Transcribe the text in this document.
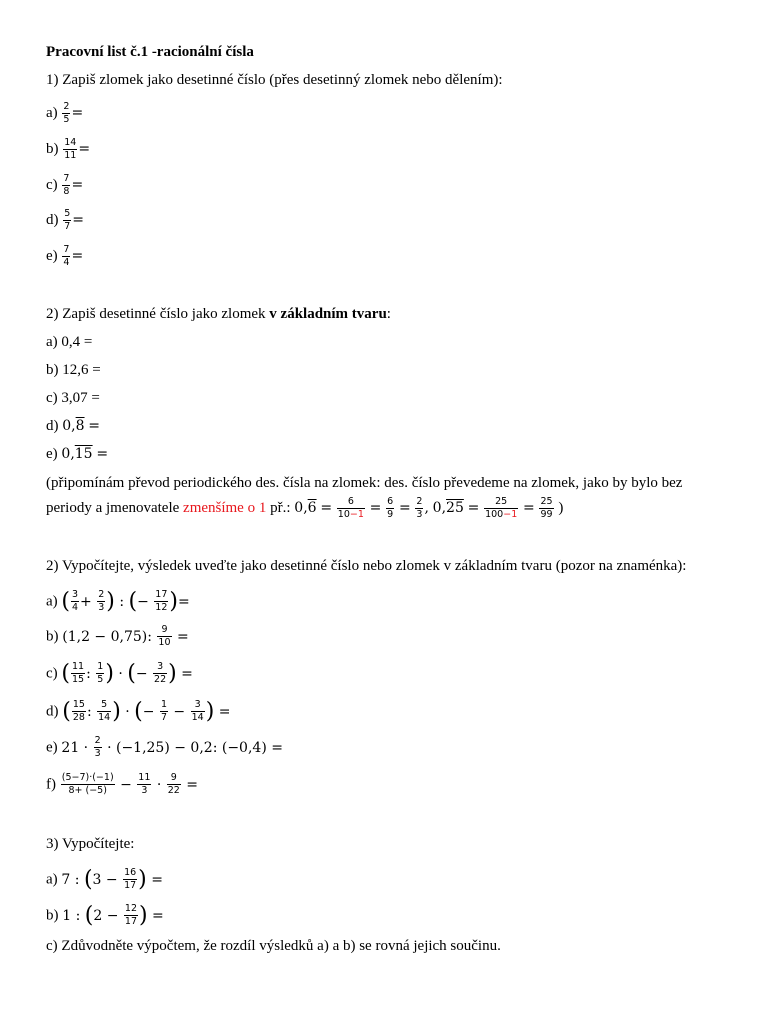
Pracovní list č.1 -racionální čísla
1) Zapiš zlomek jako desetinné číslo (přes desetinný zlomek nebo dělením):
$a) \frac{2}{5}$ =
$b) \frac{14}{11}$ =
$c) \frac{7}{8}$ =
$d) \frac{5}{7}$ =
$e) \frac{7}{4}$ =
2) Zapiš desetinné číslo jako zlomek v základním tvaru:
a) 0,4 =
b) 12,6 =
c) 3,07 =
d) 0,8 =
e) 0,15 =
(připomínám převod periodického des. čísla na zlomek: des. číslo převedeme na zlomek, jako by bylo bez
periody a jmenovatele zmenšíme o 1 př.: $0,6 = \frac{6}{10-1} = \frac{6}{9} = \frac{2}{3}$ , $0,25 = \frac{25}{100-1} = \frac{25}{99}$ )
2) Vypočítejte, výsledek uveďte jako desetinné číslo nebo zlomek v základním tvaru (pozor na znaménka):
a) ( $\frac{3}{4} + \frac{2}{3}$ ) : (− $\frac{17}{12}$ )=
b) (1,2 − 0,75): $\frac{9}{10}$ =
c) ( $\frac{11}{15}$ : $\frac{1}{5}$ ) · (− $\frac{3}{22}$ ) =
d) ( $\frac{15}{28}$ : $\frac{5}{14}$ ) · (− $\frac{1}{7} - \frac{3}{14}$ ) =
e) $21 \cdot \frac{2}{3} \cdot (-1,25) - 0,2$: (−0,4) =
$f) \frac{(5-7)\cdot(-1)}{8+ (-5)} - \frac{11}{3} \cdot \frac{9}{22}$ =
3) Vypočítejte:
a) 7 : ($3 - \frac{16}{17}$ ) =
b) 1 : ($2 - \frac{12}{17}$ ) =
c) Zdůvodněte výpočtem, že rozdíl výsledků a) a b) se rovná jejich součinu.
